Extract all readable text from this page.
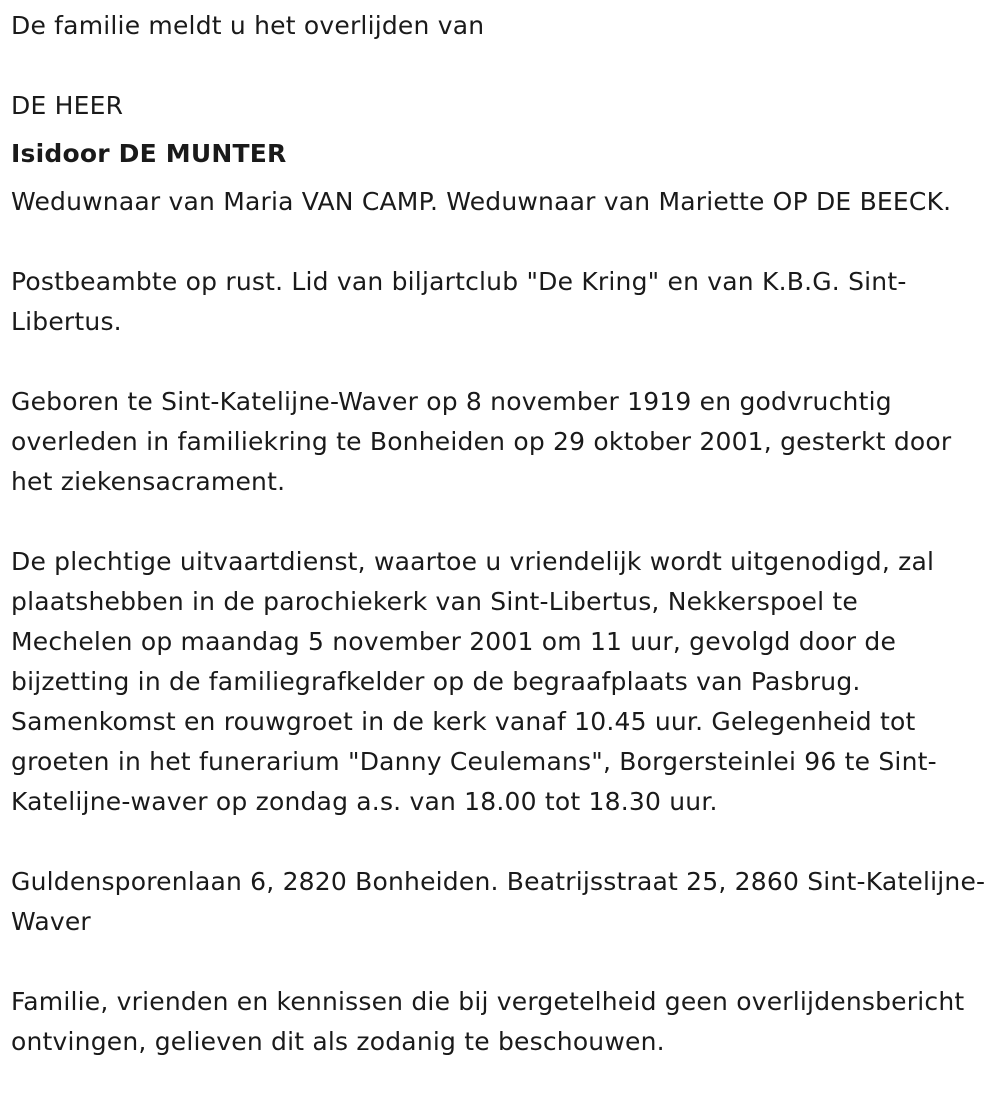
De familie meldt u het overlijden van

DE HEER

Isidoor DE MUNTER

Weduwnaar van Maria VAN CAMP. Weduwnaar van Mariette OP DE BEECK.

Postbeambte op rust. Lid van biljartclub "De Kring" en van K.B.G. Sint-Libertus.

Geboren te Sint-Katelijne-Waver op 8 november 1919 en godvruchtig overleden in familiekring te Bonheiden op 29 oktober 2001, gesterkt door het ziekensacrament.

De plechtige uitvaartdienst, waartoe u vriendelijk wordt uitgenodigd, zal plaatshebben in de parochiekerk van Sint-Libertus, Nekkerspoel te Mechelen op maandag 5 november 2001 om 11 uur, gevolgd door de bijzetting in de familiegrafkelder op de begraafplaats van Pasbrug. Samenkomst en rouwgroet in de kerk vanaf 10.45 uur. Gelegenheid tot groeten in het funerarium "Danny Ceulemans", Borgersteinlei 96 te Sint-Katelijne-waver op zondag a.s. van 18.00 tot 18.30 uur.

Guldensporenlaan 6, 2820 Bonheiden. Beatrijsstraat 25, 2860 Sint-Katelijne-Waver

Familie, vrienden en kennissen die bij vergetelheid geen overlijdensbericht ontvingen, gelieven dit als zodanig te beschouwen.
